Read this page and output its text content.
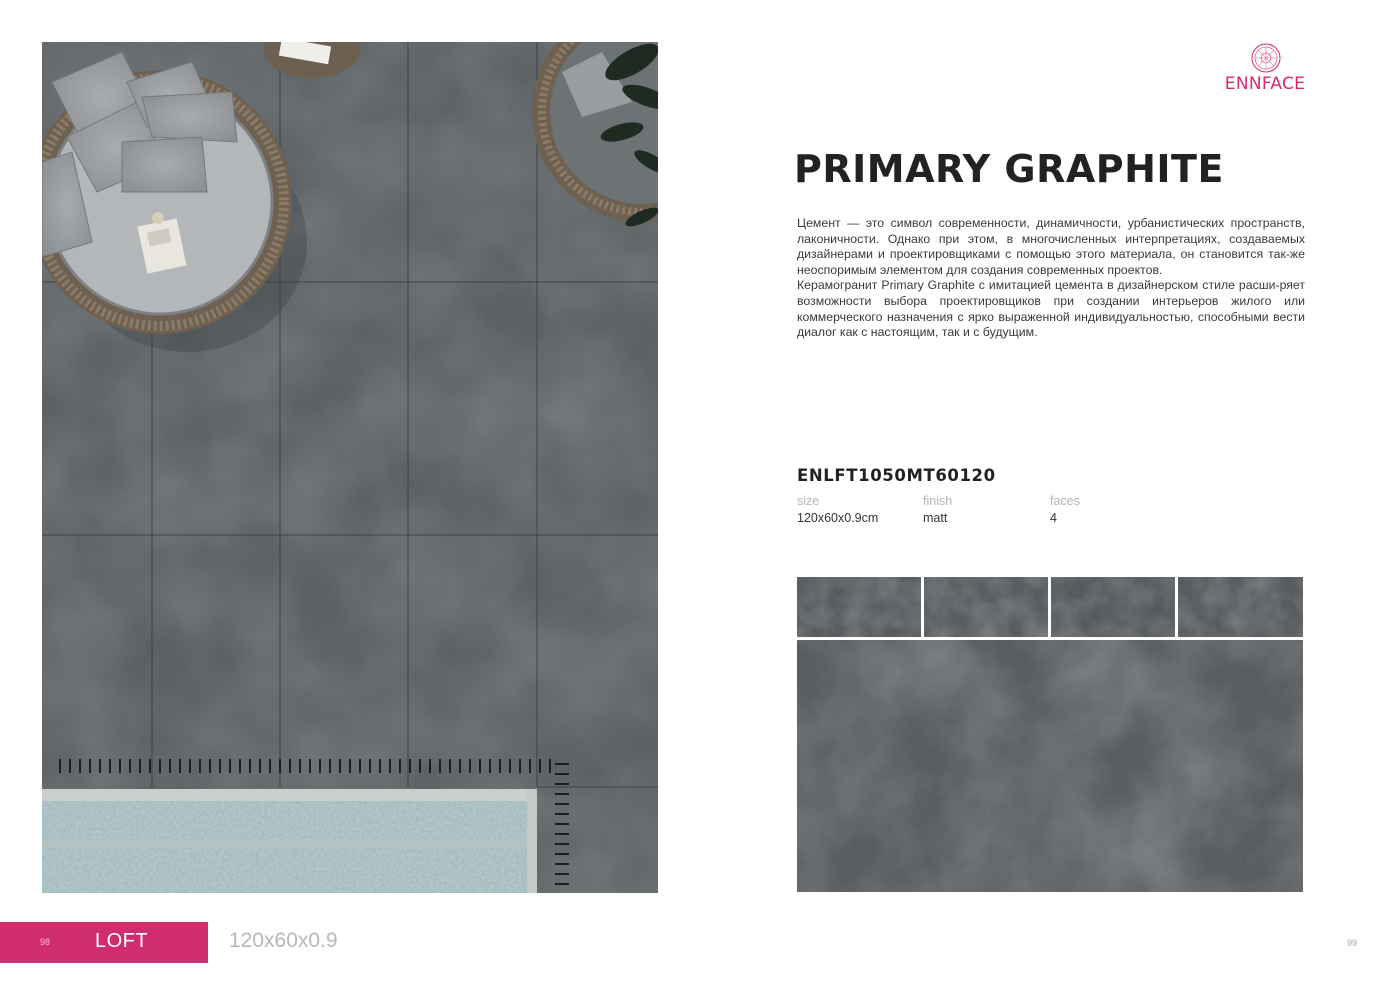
ENNFACE
PRIMARY GRAPHITE

Цемент — это символ современности, динамичности, урбанистических пространств, лаконичности. Однако при этом, в многочисленных интерпретациях, создаваемых дизайнерами и проектировщиками с помощью этого материала, он становится так-же неоспоримым элементом для создания современных проектов.

Керамогранит Primary Graphite с имитацией цемента в дизайнерском стиле расши-ряет возможности выбора проектировщиков при создании интерьеров жилого или коммерческого назначения с ярко выраженной индивидуальностью, способными вести диалог как с настоящим, так и с будущим.

ENLFT1050MT60120
size
120x60x0.9cm
finish
matt
faces
4
98 LOFT	120x60x0.9	99
